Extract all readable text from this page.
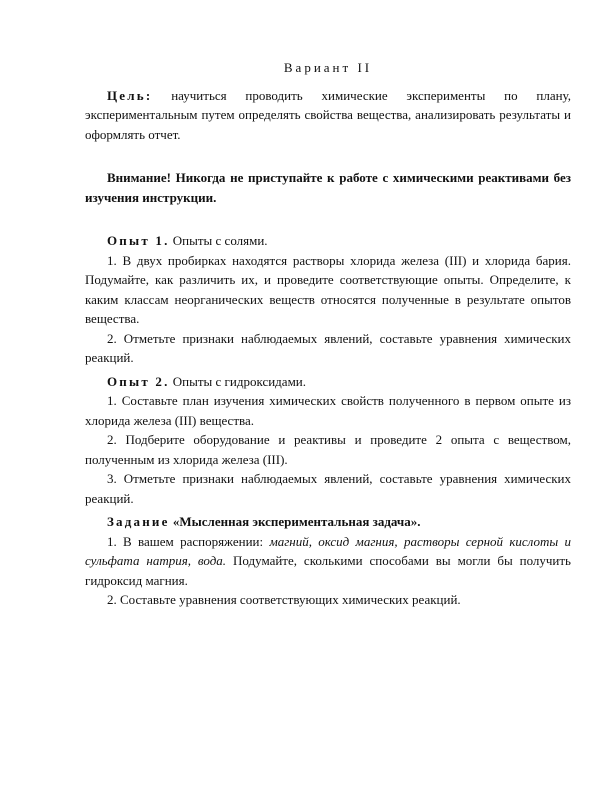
Вариант II

Цель: научиться проводить химические эксперименты по плану, экспериментальным путем определять свойства вещества, анализировать результаты и оформлять отчет.

Внимание! Никогда не приступайте к работе с химическими реактивами без изучения инструкции.

Опыт 1. Опыты с солями.

1. В двух пробирках находятся растворы хлорида железа (III) и хлорида бария. Подумайте, как различить их, и проведите соответствующие опыты. Определите, к каким классам неорганических веществ относятся полученные в результате опытов вещества.

2. Отметьте признаки наблюдаемых явлений, составьте уравнения химических реакций.

Опыт 2. Опыты с гидроксидами.

1. Составьте план изучения химических свойств полученного в первом опыте из хлорида железа (III) вещества.

2. Подберите оборудование и реактивы и проведите 2 опыта с веществом, полученным из хлорида железа (III).

3. Отметьте признаки наблюдаемых явлений, составьте уравнения химических реакций.

Задание «Мысленная экспериментальная задача».

1. В вашем распоряжении: магний, оксид магния, растворы серной кислоты и сульфата натрия, вода. Подумайте, сколькими способами вы могли бы получить гидроксид магния.

2. Составьте уравнения соответствующих химических реакций.
